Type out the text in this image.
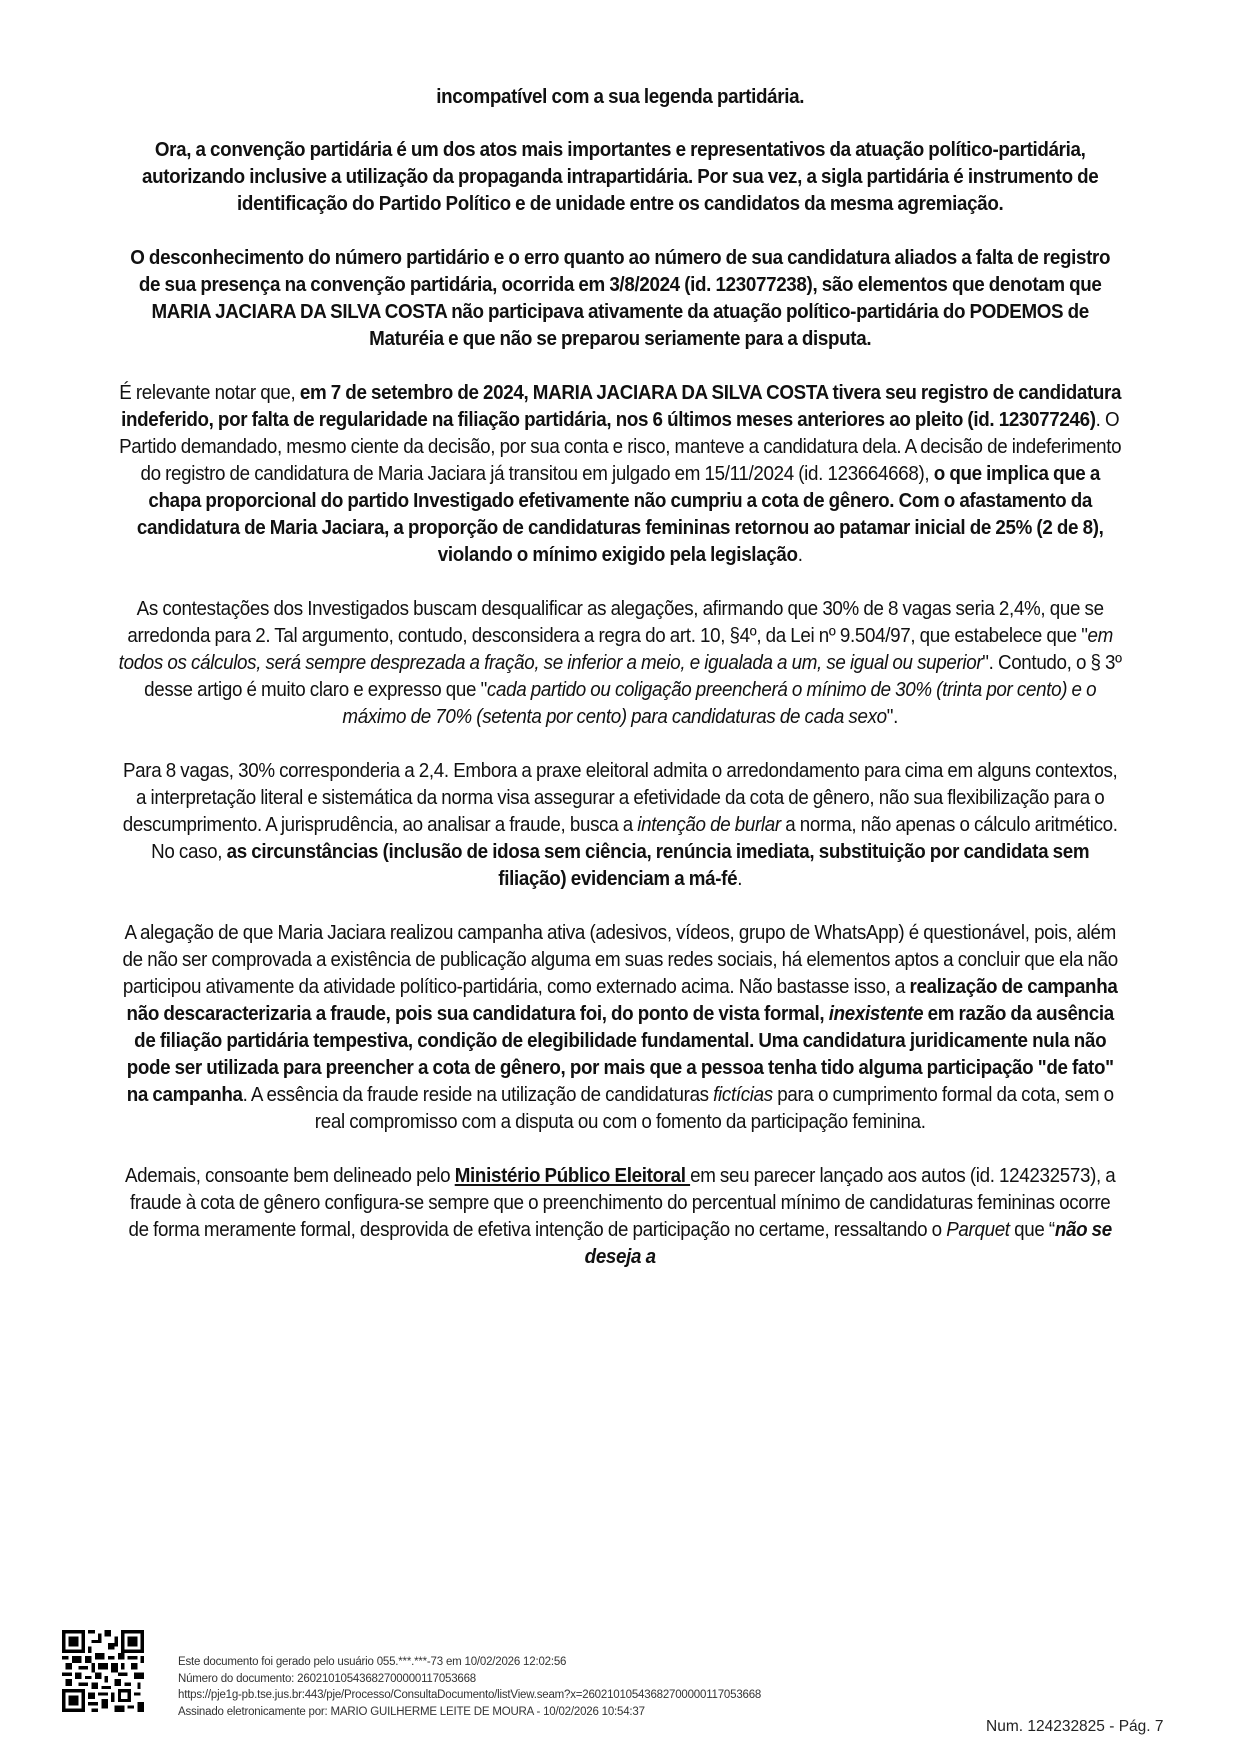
incompatível com a sua legenda partidária.

Ora, a convenção partidária é um dos atos mais importantes e representativos da atuação político-partidária, autorizando inclusive a utilização da propaganda intrapartidária. Por sua vez, a sigla partidária é instrumento de identificação do Partido Político e de unidade entre os candidatos da mesma agremiação.

O desconhecimento do número partidário e o erro quanto ao número de sua candidatura aliados a falta de registro de sua presença na convenção partidária, ocorrida em 3/8/2024 (id. 123077238), são elementos que denotam que MARIA JACIARA DA SILVA COSTA não participava ativamente da atuação político-partidária do PODEMOS de Maturéia e que não se preparou seriamente para a disputa.

É relevante notar que, em 7 de setembro de 2024, MARIA JACIARA DA SILVA COSTA tivera seu registro de candidatura indeferido, por falta de regularidade na filiação partidária, nos 6 últimos meses anteriores ao pleito (id. 123077246). O Partido demandado, mesmo ciente da decisão, por sua conta e risco, manteve a candidatura dela. A decisão de indeferimento do registro de candidatura de Maria Jaciara já transitou em julgado em 15/11/2024 (id. 123664668), o que implica que a chapa proporcional do partido Investigado efetivamente não cumpriu a cota de gênero. Com o afastamento da candidatura de Maria Jaciara, a proporção de candidaturas femininas retornou ao patamar inicial de 25% (2 de 8), violando o mínimo exigido pela legislação.

As contestações dos Investigados buscam desqualificar as alegações, afirmando que 30% de 8 vagas seria 2,4%, que se arredonda para 2. Tal argumento, contudo, desconsidera a regra do art. 10, §4º, da Lei nº 9.504/97, que estabelece que "em todos os cálculos, será sempre desprezada a fração, se inferior a meio, e igualada a um, se igual ou superior". Contudo, o § 3º desse artigo é muito claro e expresso que "cada partido ou coligação preencherá o mínimo de 30% (trinta por cento) e o máximo de 70% (setenta por cento) para candidaturas de cada sexo".

Para 8 vagas, 30% corresponderia a 2,4. Embora a praxe eleitoral admita o arredondamento para cima em alguns contextos, a interpretação literal e sistemática da norma visa assegurar a efetividade da cota de gênero, não sua flexibilização para o descumprimento. A jurisprudência, ao analisar a fraude, busca a intenção de burlar a norma, não apenas o cálculo aritmético. No caso, as circunstâncias (inclusão de idosa sem ciência, renúncia imediata, substituição por candidata sem filiação) evidenciam a má-fé.

A alegação de que Maria Jaciara realizou campanha ativa (adesivos, vídeos, grupo de WhatsApp) é questionável, pois, além de não ser comprovada a existência de publicação alguma em suas redes sociais, há elementos aptos a concluir que ela não participou ativamente da atividade político-partidária, como externado acima. Não bastasse isso, a realização de campanha não descaracterizaria a fraude, pois sua candidatura foi, do ponto de vista formal, inexistente em razão da ausência de filiação partidária tempestiva, condição de elegibilidade fundamental. Uma candidatura juridicamente nula não pode ser utilizada para preencher a cota de gênero, por mais que a pessoa tenha tido alguma participação "de fato" na campanha. A essência da fraude reside na utilização de candidaturas fictícias para o cumprimento formal da cota, sem o real compromisso com a disputa ou com o fomento da participação feminina.

Ademais, consoante bem delineado pelo Ministério Público Eleitoral em seu parecer lançado aos autos (id. 124232573), a fraude à cota de gênero configura-se sempre que o preenchimento do percentual mínimo de candidaturas femininas ocorre de forma meramente formal, desprovida de efetiva intenção de participação no certame, ressaltando o Parquet que “não se deseja a

Este documento foi gerado pelo usuário 055.***.***-73 em 10/02/2026 12:02:56
Número do documento: 26021010543682700000117053668
https://pje1g-pb.tse.jus.br:443/pje/Processo/ConsultaDocumento/listView.seam?x=26021010543682700000117053668
Assinado eletronicamente por: MARIO GUILHERME LEITE DE MOURA - 10/02/2026 10:54:37
Num. 124232825 - Pág. 7
